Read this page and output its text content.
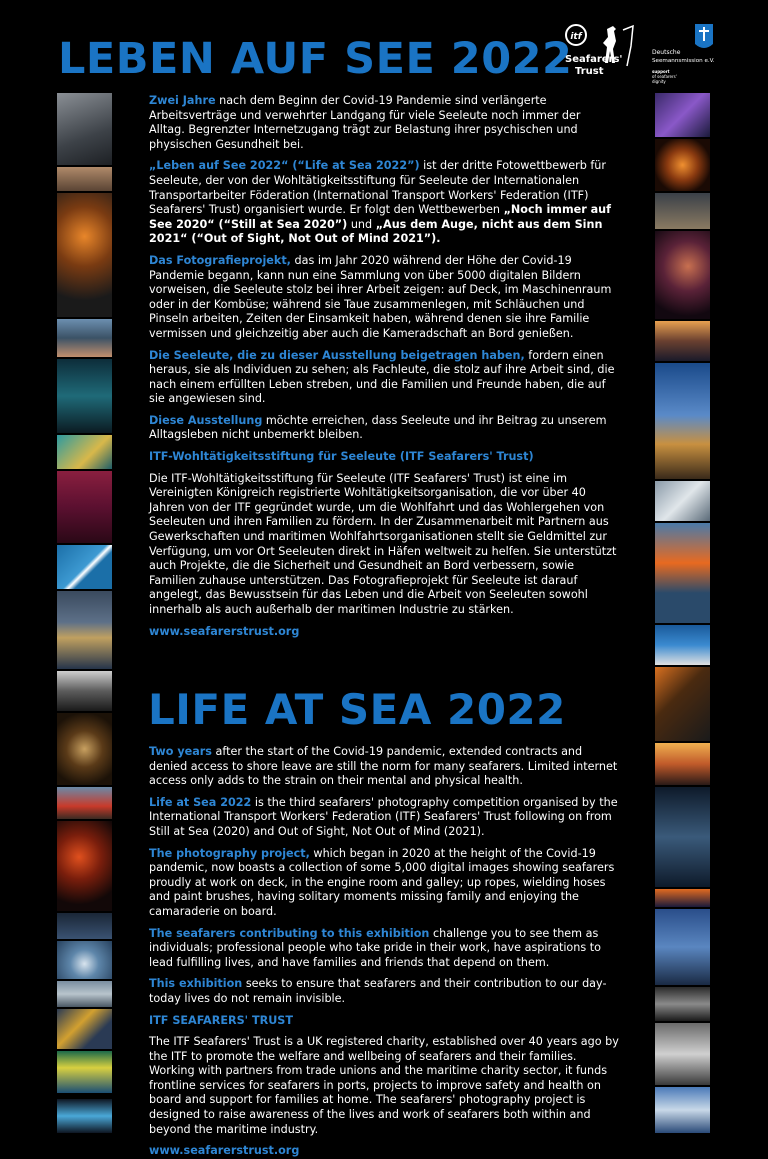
LEBEN AUF SEE 2022
itf
Seafarers'
Trust
Deutsche
Seemannsmission e.V.
support
of seafarers'
dignity

Zwei Jahre nach dem Beginn der Covid-19 Pandemie sind verlängerte Arbeitsverträge und verwehrter Landgang für viele Seeleute noch immer der Alltag. Begrenzter Internetzugang trägt zur Belastung ihrer psychischen und physischen Gesundheit bei.

„Leben auf See 2022“ (“Life at Sea 2022”) ist der dritte Fotowettbewerb für Seeleute, der von der Wohltätigkeitsstiftung für Seeleute der Internationalen Transportarbeiter Föderation (International Transport Workers' Federation (ITF) Seafarers' Trust) organisiert wurde. Er folgt den Wettbewerben „Noch immer auf See 2020“ (“Still at Sea 2020”) und „Aus dem Auge, nicht aus dem Sinn 2021“ (“Out of Sight, Not Out of Mind 2021”).

Das Fotografieprojekt, das im Jahr 2020 während der Höhe der Covid-19 Pandemie begann, kann nun eine Sammlung von über 5000 digitalen Bildern vorweisen, die Seeleute stolz bei ihrer Arbeit zeigen: auf Deck, im Maschinenraum oder in der Kombüse; während sie Taue zusammenlegen, mit Schläuchen und Pinseln arbeiten, Zeiten der Einsamkeit haben, während denen sie ihre Familie vermissen und gleichzeitig aber auch die Kameradschaft an Bord genießen.

Die Seeleute, die zu dieser Ausstellung beigetragen haben, fordern einen heraus, sie als Individuen zu sehen; als Fachleute, die stolz auf ihre Arbeit sind, die nach einem erfüllten Leben streben, und die Familien und Freunde haben, die auf sie angewiesen sind.

Diese Ausstellung möchte erreichen, dass Seeleute und ihr Beitrag zu unserem Alltagsleben nicht unbemerkt bleiben.

ITF-Wohltätigkeitsstiftung für Seeleute (ITF Seafarers' Trust)

Die ITF-Wohltätigkeitsstiftung für Seeleute (ITF Seafarers' Trust) ist eine im Vereinigten Königreich registrierte Wohltätigkeitsorganisation, die vor über 40 Jahren von der ITF gegründet wurde, um die Wohlfahrt und das Wohlergehen von Seeleuten und ihren Familien zu fördern. In der Zusammenarbeit mit Partnern aus Gewerkschaften und maritimen Wohlfahrtsorganisationen stellt sie Geldmittel zur Verfügung, um vor Ort Seeleuten direkt in Häfen weltweit zu helfen. Sie unterstützt auch Projekte, die die Sicherheit und Gesundheit an Bord verbessern, sowie Familien zuhause unterstützen. Das Fotografieprojekt für Seeleute ist darauf angelegt, das Bewusstsein für das Leben und die Arbeit von Seeleuten sowohl innerhalb als auch außerhalb der maritimen Industrie zu stärken.

www.seafarerstrust.org
LIFE AT SEA 2022

Two years after the start of the Covid-19 pandemic, extended contracts and denied access to shore leave are still the norm for many seafarers. Limited internet access only adds to the strain on their mental and physical health.

Life at Sea 2022 is the third seafarers' photography competition organised by the International Transport Workers' Federation (ITF) Seafarers' Trust following on from Still at Sea (2020) and Out of Sight, Not Out of Mind (2021).

The photography project, which began in 2020 at the height of the Covid-19 pandemic, now boasts a collection of some 5,000 digital images showing seafarers proudly at work on deck, in the engine room and galley; up ropes, wielding hoses and paint brushes, having solitary moments missing family and enjoying the camaraderie on board.

The seafarers contributing to this exhibition challenge you to see them as individuals; professional people who take pride in their work, have aspirations to lead fulfilling lives, and have families and friends that depend on them.

This exhibition seeks to ensure that seafarers and their contribution to our day-today lives do not remain invisible.

ITF SEAFARERS' TRUST

The ITF Seafarers' Trust is a UK registered charity, established over 40 years ago by the ITF to promote the welfare and wellbeing of seafarers and their families. Working with partners from trade unions and the maritime charity sector, it funds frontline services for seafarers in ports, projects to improve safety and health on board and support for families at home. The seafarers' photography project is designed to raise awareness of the lives and work of seafarers both within and beyond the maritime industry.

www.seafarerstrust.org
